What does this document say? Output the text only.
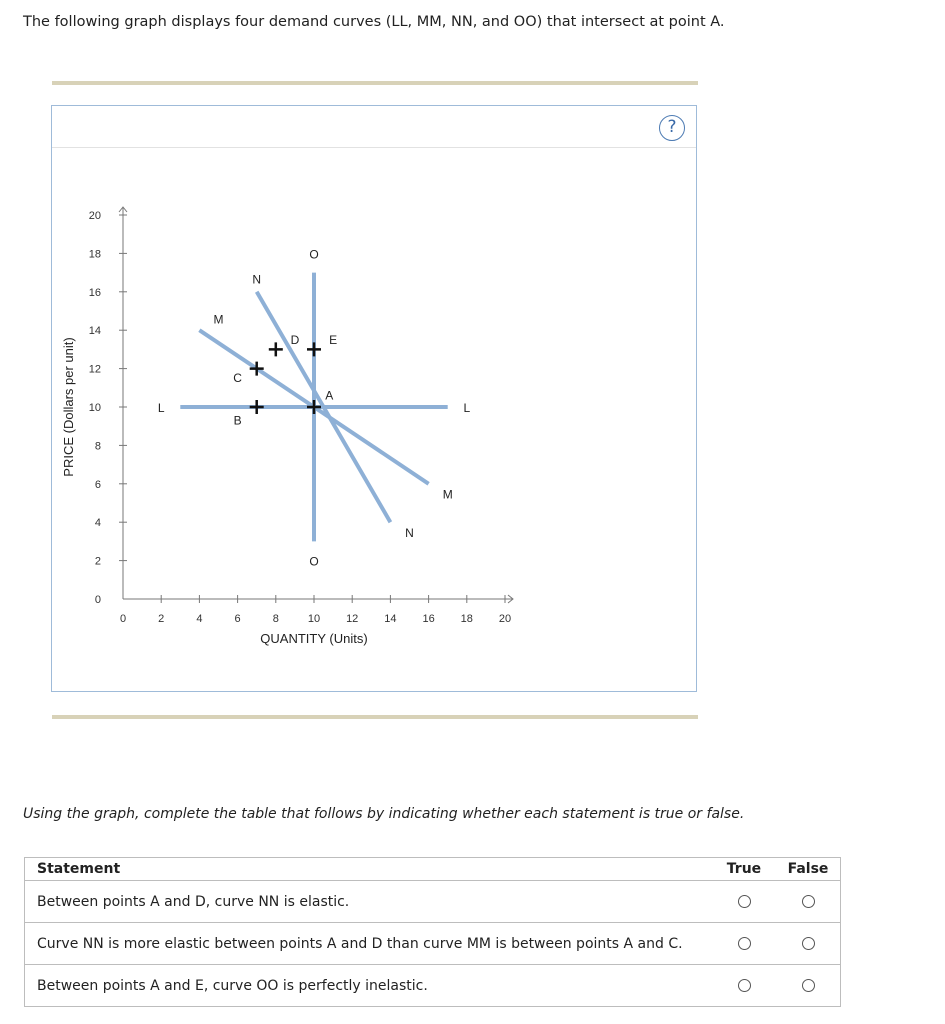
The following graph displays four demand curves (LL, MM, NN, and OO) that intersect at point A.

?
0
2
4
6
8
10
12
14
16
18
20
0	2	4	6	8	10 12 14 16 18 20
QUANTITY (Units)
PRICE (Dollars per unit)	L	L
M
M
N
N
O
O
A
B
C
D E

Using the graph, complete the table that follows by indicating whether each statement is true or false.

Statement	True	False
Between points A and D, curve NN is elastic.		
Curve NN is more elastic between points A and D than curve MM is between points A and C.		
Between points A and E, curve OO is perfectly inelastic.		
